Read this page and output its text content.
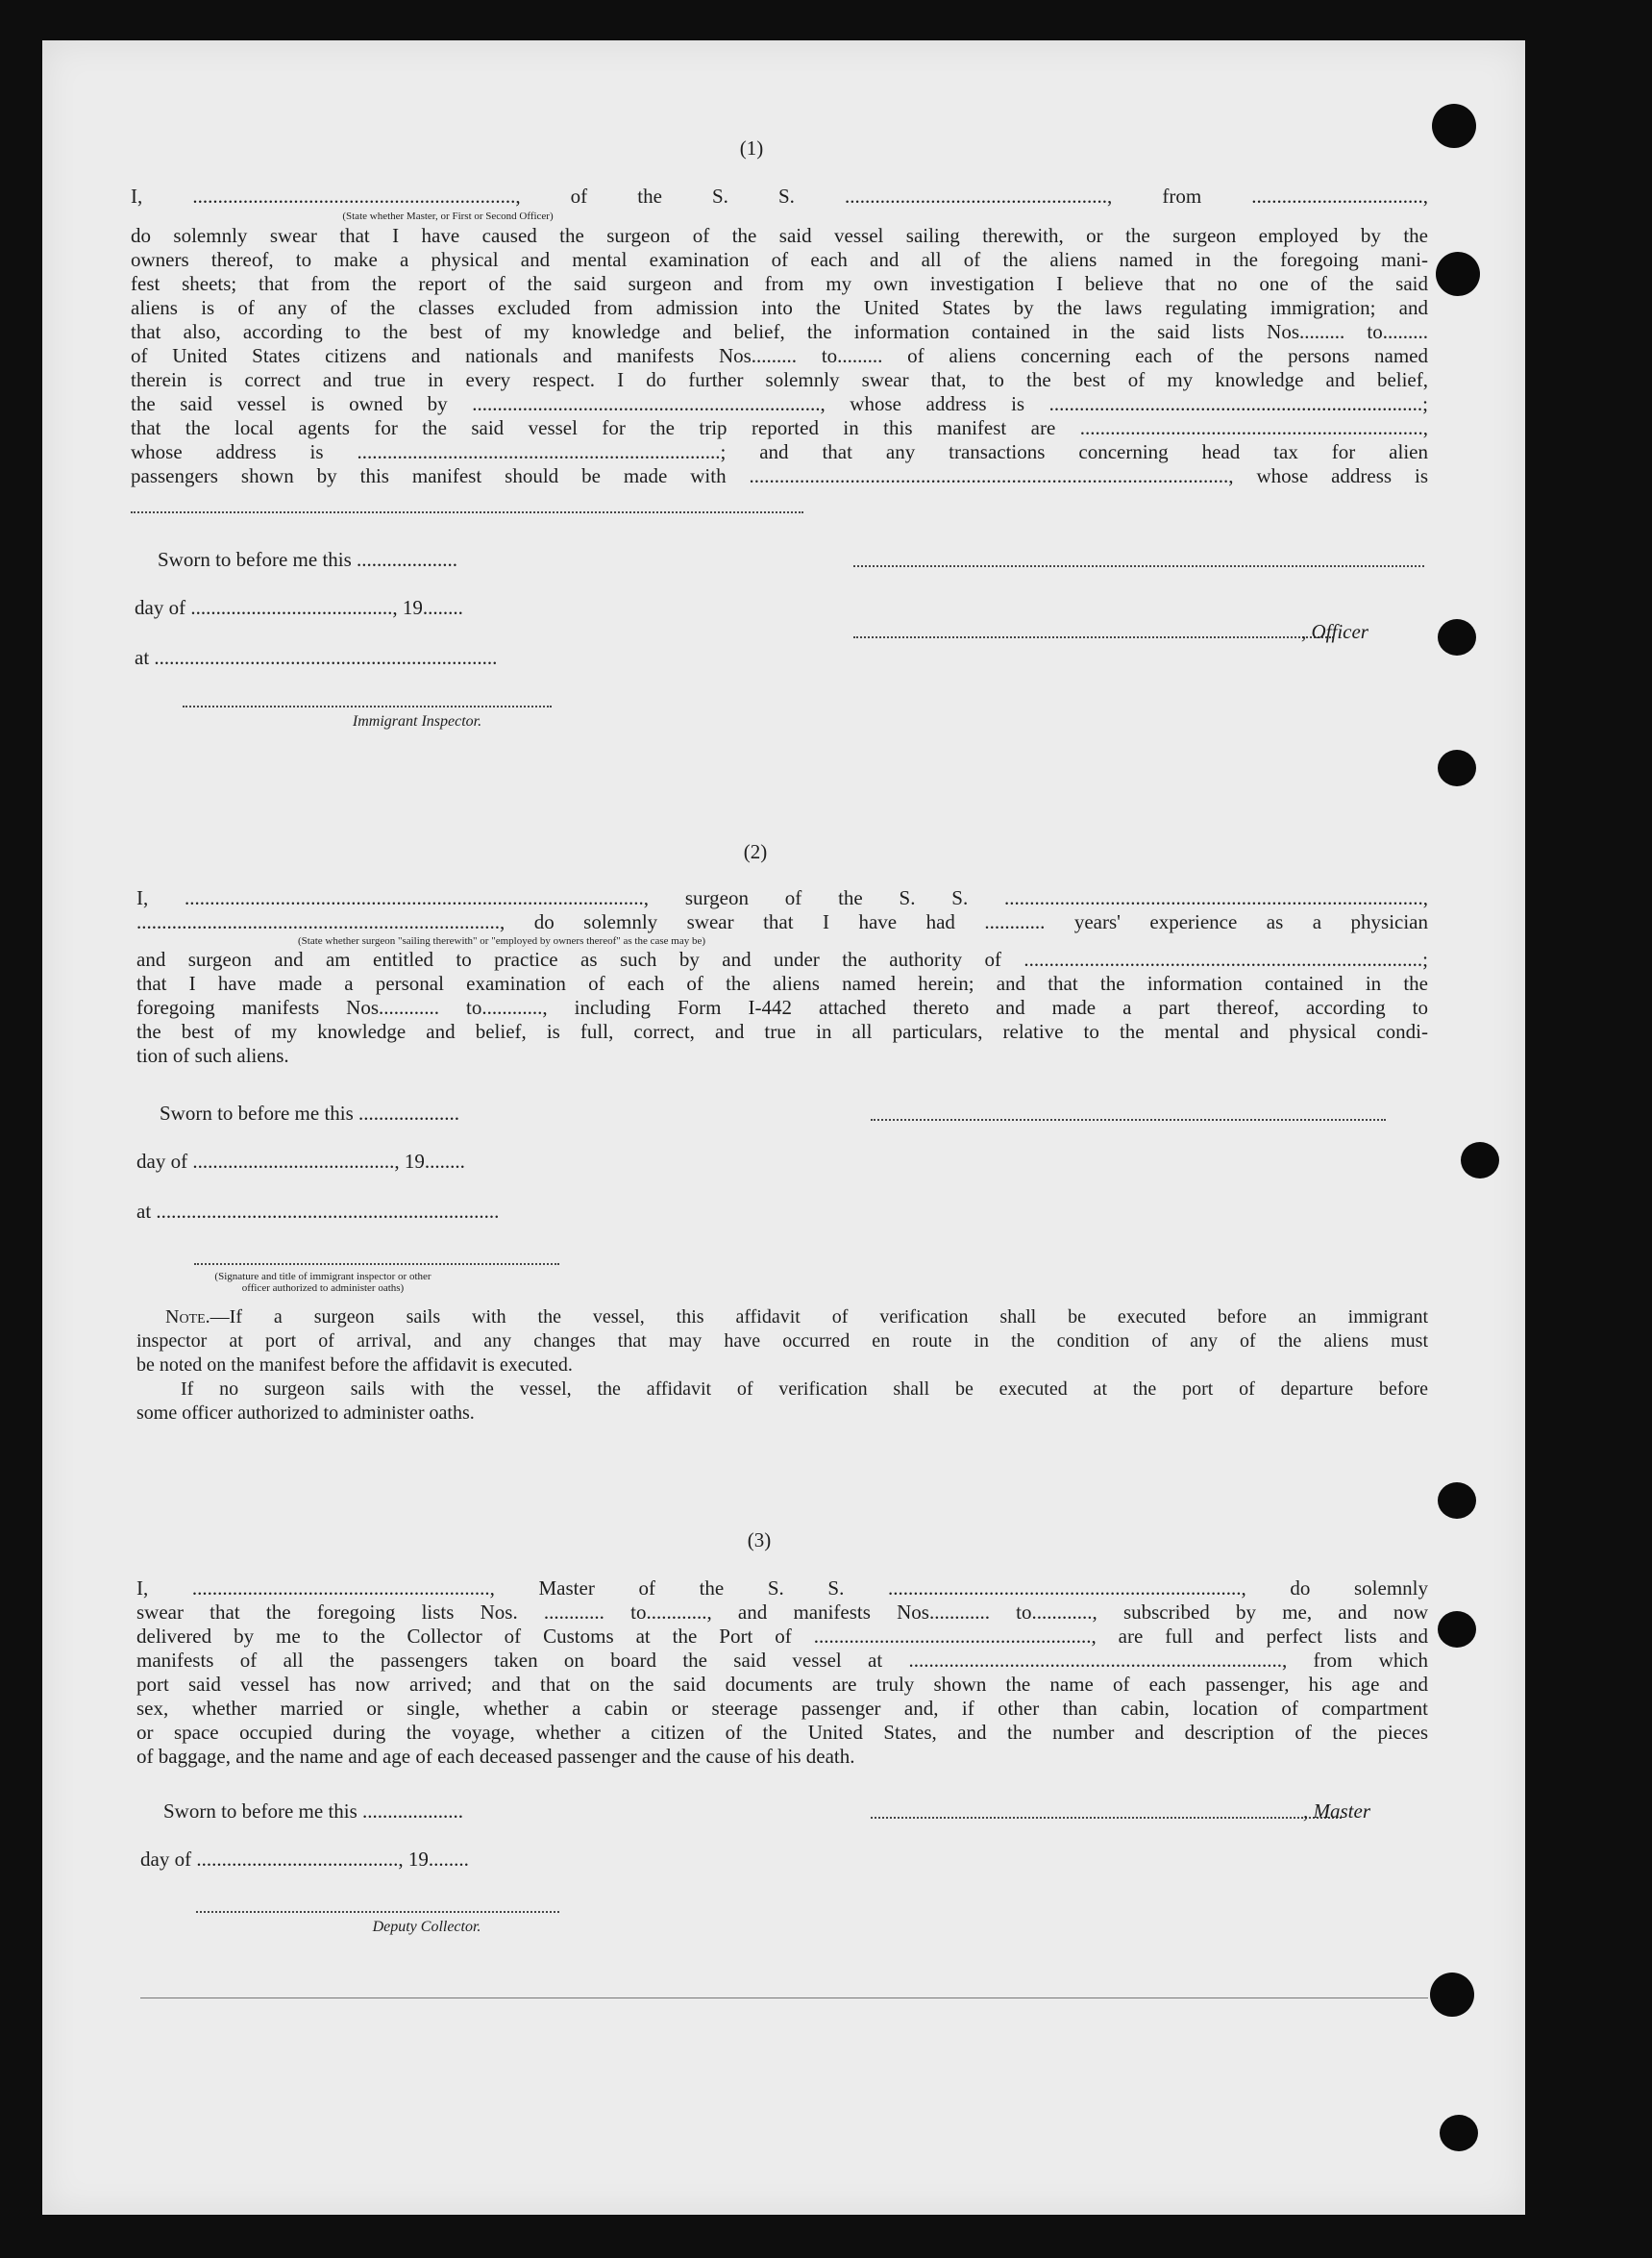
(1)
I, ................................................................, of the S. S. ...................................................., from ..................................,
do solemnly swear that I have caused the surgeon of the said vessel sailing therewith, or the surgeon employed by the
owners thereof, to make a physical and mental examination of each and all of the aliens named in the foregoing mani-
fest sheets; that from the report of the said surgeon and from my own investigation I believe that no one of the said
aliens is of any of the classes excluded from admission into the United States by the laws regulating immigration; and
that also, according to the best of my knowledge and belief, the information contained in the said lists Nos......... to.........
of United States citizens and nationals and manifests Nos......... to......... of aliens concerning each of the persons named
therein is correct and true in every respect. I do further solemnly swear that, to the best of my knowledge and belief,
the said vessel is owned by ....................................................................., whose address is ..........................................................................;
that the local agents for the said vessel for the trip reported in this manifest are ....................................................................,
whose address is ........................................................................; and that any transactions concerning head tax for alien
passengers shown by this manifest should be made with ..............................................................................................., whose address is
(State whether Master, or First or Second Officer)
Sworn to before me this ....................
day of ........................................, 19........
, Officer
at ....................................................................
Immigrant Inspector.
(2)
I, ..........................................................................................., surgeon of the S. S. ...................................................................................,
........................................................................, do solemnly swear that I have had ............ years' experience as a physician
and surgeon and am entitled to practice as such by and under the authority of ...............................................................................;
that I have made a personal examination of each of the aliens named herein; and that the information contained in the
foregoing manifests Nos............ to............, including Form I-442 attached thereto and made a part thereof, according to
the best of my knowledge and belief, is full, correct, and true in all particulars, relative to the mental and physical condi-
tion of such aliens.
(State whether surgeon "sailing therewith" or "employed by owners thereof" as the case may be)
Sworn to before me this ....................
day of ........................................, 19........
at ....................................................................
(Signature and title of immigrant inspector or other officer authorized to administer oaths)
Note.—If a surgeon sails with the vessel, this affidavit of verification shall be executed before an immigrant
inspector at port of arrival, and any changes that may have occurred en route in the condition of any of the aliens must
be noted on the manifest before the affidavit is executed.
If no surgeon sails with the vessel, the affidavit of verification shall be executed at the port of departure before
some officer authorized to administer oaths.
(3)
I, ..........................................................., Master of the S. S. ......................................................................, do solemnly
swear that the foregoing lists Nos. ............ to............, and manifests Nos............ to............, subscribed by me, and now
delivered by me to the Collector of Customs at the Port of ......................................................., are full and perfect lists and
manifests of all the passengers taken on board the said vessel at .........................................................................., from which
port said vessel has now arrived; and that on the said documents are truly shown the name of each passenger, his age and
sex, whether married or single, whether a cabin or steerage passenger and, if other than cabin, location of compartment
or space occupied during the voyage, whether a citizen of the United States, and the number and description of the pieces
of baggage, and the name and age of each deceased passenger and the cause of his death.
Sworn to before me this ....................	, Master
day of ........................................, 19........
Deputy Collector.
